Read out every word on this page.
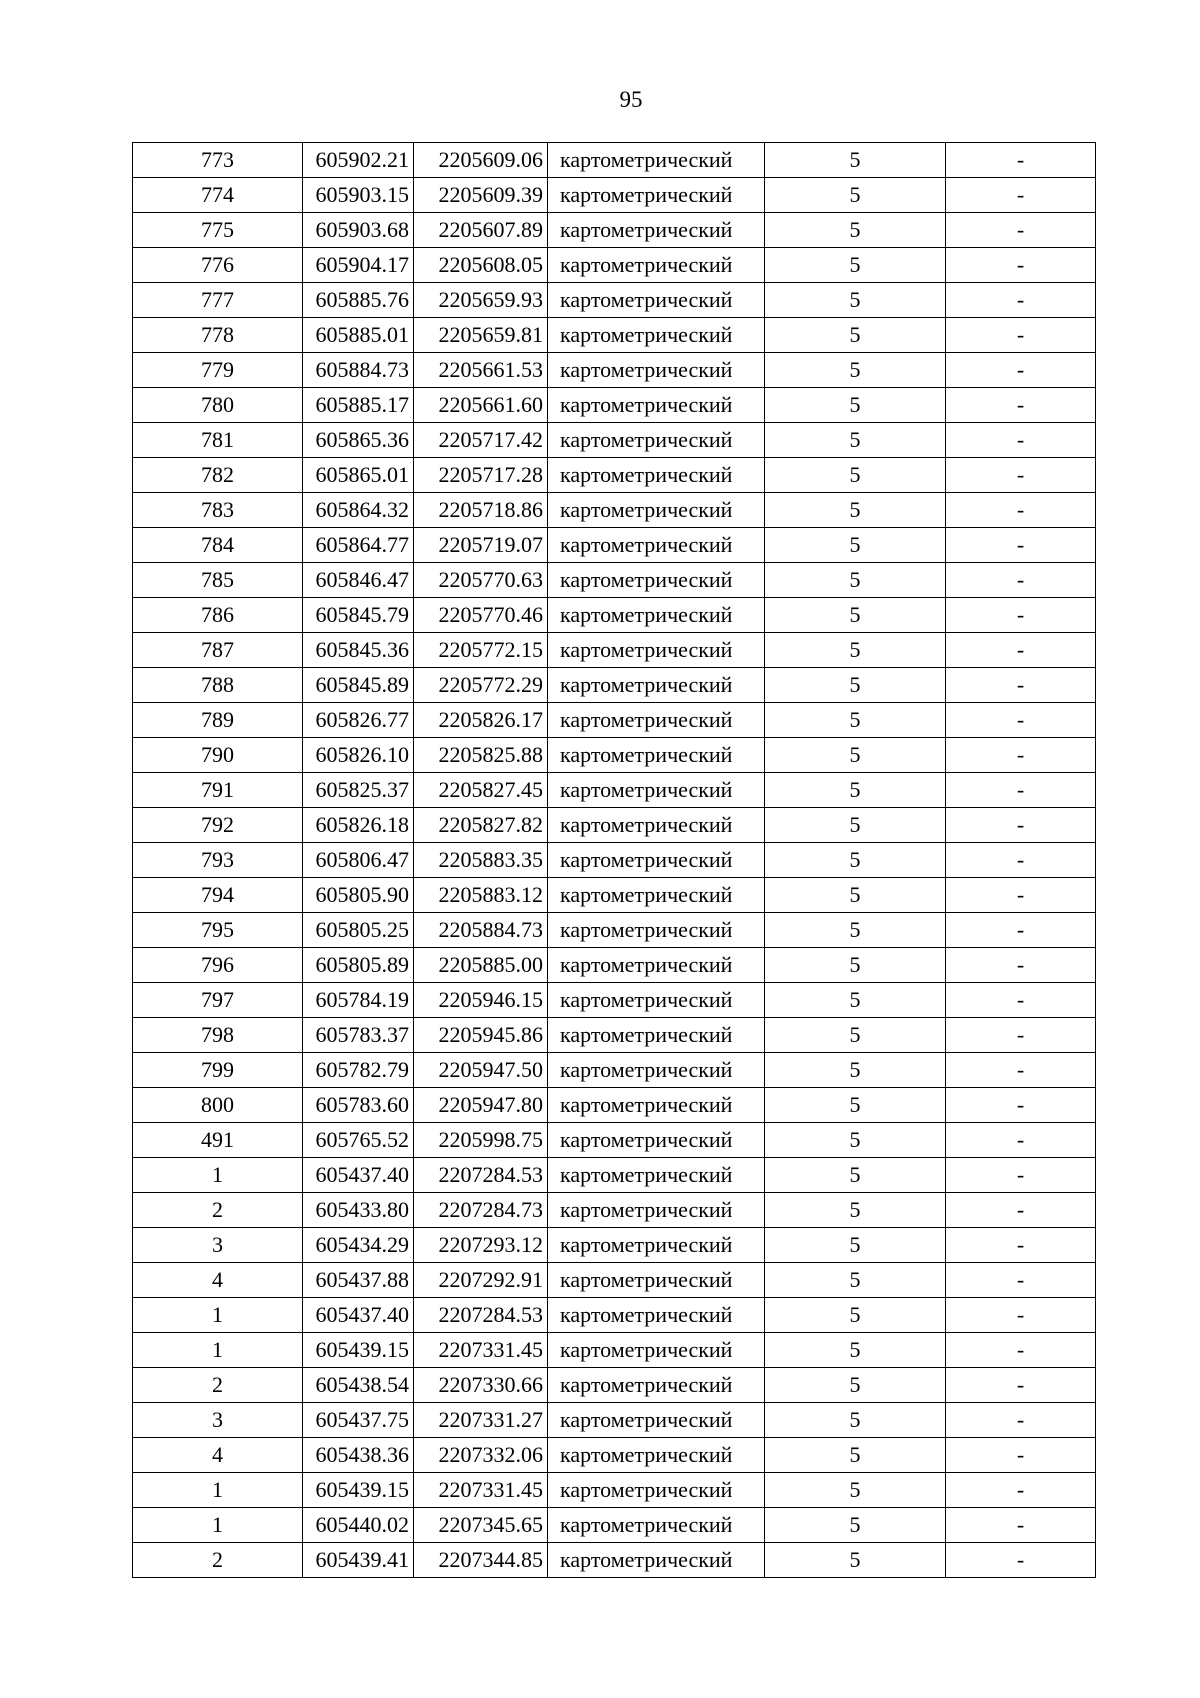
95
773	605902.21	2205609.06	картометрический	5	-
774	605903.15	2205609.39	картометрический	5	-
775	605903.68	2205607.89	картометрический	5	-
776	605904.17	2205608.05	картометрический	5	-
777	605885.76	2205659.93	картометрический	5	-
778	605885.01	2205659.81	картометрический	5	-
779	605884.73	2205661.53	картометрический	5	-
780	605885.17	2205661.60	картометрический	5	-
781	605865.36	2205717.42	картометрический	5	-
782	605865.01	2205717.28	картометрический	5	-
783	605864.32	2205718.86	картометрический	5	-
784	605864.77	2205719.07	картометрический	5	-
785	605846.47	2205770.63	картометрический	5	-
786	605845.79	2205770.46	картометрический	5	-
787	605845.36	2205772.15	картометрический	5	-
788	605845.89	2205772.29	картометрический	5	-
789	605826.77	2205826.17	картометрический	5	-
790	605826.10	2205825.88	картометрический	5	-
791	605825.37	2205827.45	картометрический	5	-
792	605826.18	2205827.82	картометрический	5	-
793	605806.47	2205883.35	картометрический	5	-
794	605805.90	2205883.12	картометрический	5	-
795	605805.25	2205884.73	картометрический	5	-
796	605805.89	2205885.00	картометрический	5	-
797	605784.19	2205946.15	картометрический	5	-
798	605783.37	2205945.86	картометрический	5	-
799	605782.79	2205947.50	картометрический	5	-
800	605783.60	2205947.80	картометрический	5	-
491	605765.52	2205998.75	картометрический	5	-
1	605437.40	2207284.53	картометрический	5	-
2	605433.80	2207284.73	картометрический	5	-
3	605434.29	2207293.12	картометрический	5	-
4	605437.88	2207292.91	картометрический	5	-
1	605437.40	2207284.53	картометрический	5	-
1	605439.15	2207331.45	картометрический	5	-
2	605438.54	2207330.66	картометрический	5	-
3	605437.75	2207331.27	картометрический	5	-
4	605438.36	2207332.06	картометрический	5	-
1	605439.15	2207331.45	картометрический	5	-
1	605440.02	2207345.65	картометрический	5	-
2	605439.41	2207344.85	картометрический	5	-
